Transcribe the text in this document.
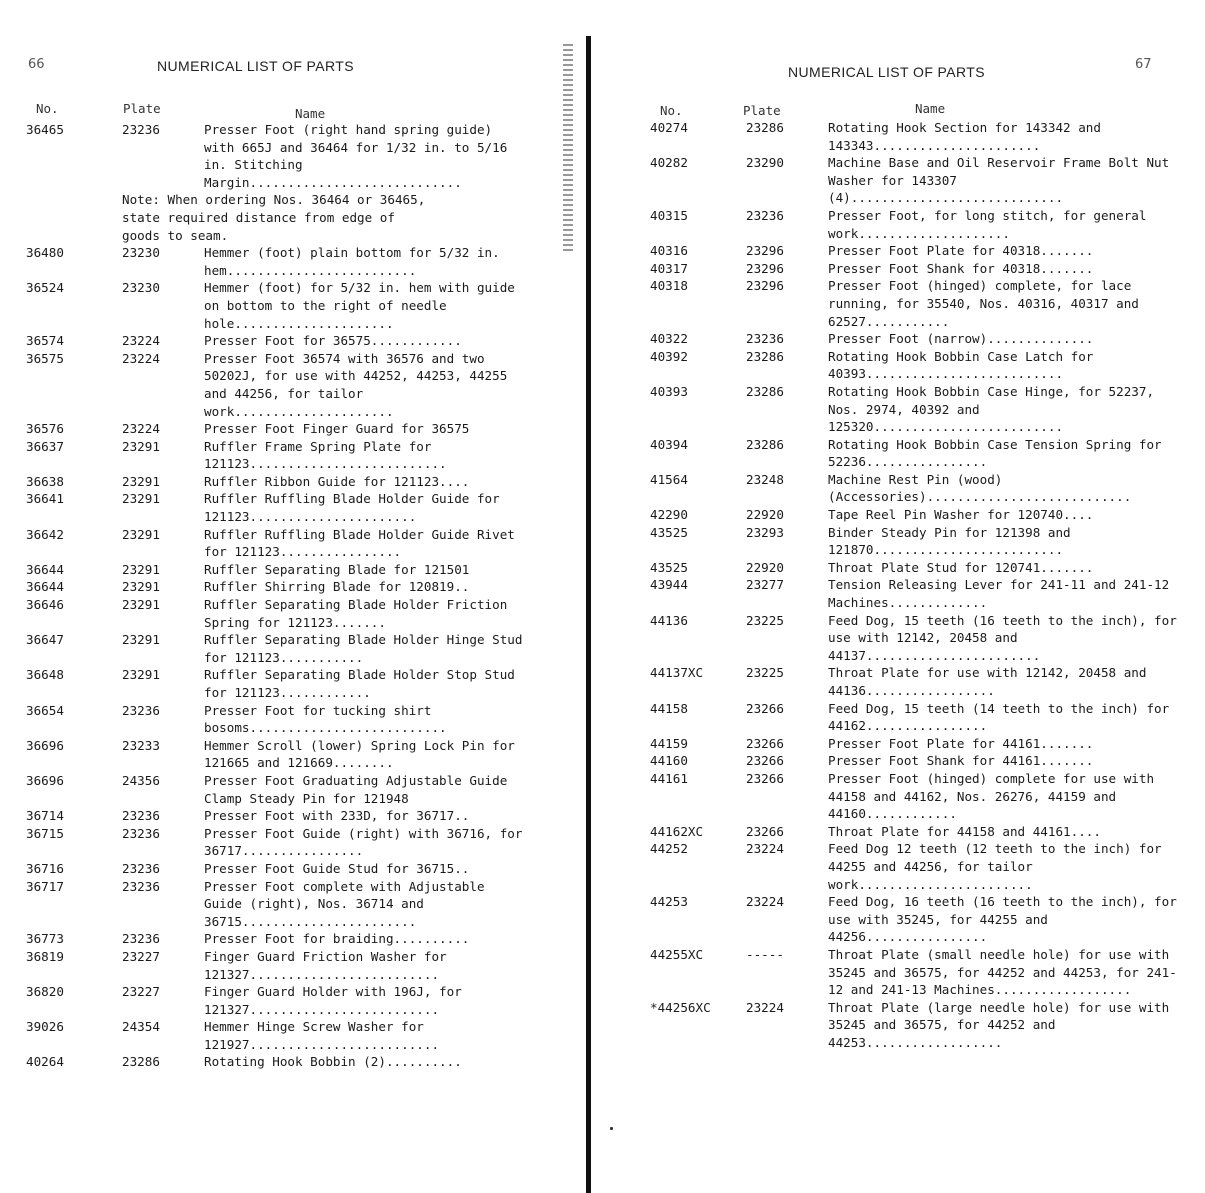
66	NUMERICAL LIST OF PARTS
No.	Plate	Name
36465	23236	Presser Foot (right hand spring guide) with 665J and 36464 for 1/32 in. to 5/16 in. Stitching Margin............................
Note: When ordering Nos. 36464 or 36465,
state required distance from edge of
goods to seam.
36480	23230	Hemmer (foot) plain bottom for 5/32 in. hem.........................
36524	23230	Hemmer (foot) for 5/32 in. hem with guide on bottom to the right of needle hole.....................
36574	23224	Presser Foot for 36575............
36575	23224	Presser Foot 36574 with 36576 and two 50202J, for use with 44252, 44253, 44255 and 44256, for tailor work.....................
36576	23224	Presser Foot Finger Guard for 36575
36637	23291	Ruffler Frame Spring Plate for 121123..........................
36638	23291	Ruffler Ribbon Guide for 121123....
36641	23291	Ruffler Ruffling Blade Holder Guide for 121123......................
36642	23291	Ruffler Ruffling Blade Holder Guide Rivet for 121123................
36644	23291	Ruffler Separating Blade for 121501
36644	23291	Ruffler Shirring Blade for 120819..
36646	23291	Ruffler Separating Blade Holder Friction Spring for 121123.......
36647	23291	Ruffler Separating Blade Holder Hinge Stud for 121123...........
36648	23291	Ruffler Separating Blade Holder Stop Stud for 121123............
36654	23236	Presser Foot for tucking shirt bosoms..........................
36696	23233	Hemmer Scroll (lower) Spring Lock Pin for 121665 and 121669........
36696	24356	Presser Foot Graduating Adjustable Guide Clamp Steady Pin for 121948
36714	23236	Presser Foot with 233D, for 36717..
36715	23236	Presser Foot Guide (right) with 36716, for 36717................
36716	23236	Presser Foot Guide Stud for 36715..
36717	23236	Presser Foot complete with Adjustable Guide (right), Nos. 36714 and 36715.......................
36773	23236	Presser Foot for braiding..........
36819	23227	Finger Guard Friction Washer for 121327.........................
36820	23227	Finger Guard Holder with 196J, for 121327.........................
39026	24354	Hemmer Hinge Screw Washer for 121927.........................
40264	23286	Rotating Hook Bobbin (2)..........
67
NUMERICAL LIST OF PARTS
No.	Plate	Name
40274	23286	Rotating Hook Section for 143342 and 143343......................
40282	23290	Machine Base and Oil Reservoir Frame Bolt Nut Washer for 143307 (4)............................
40315	23236	Presser Foot, for long stitch, for general work....................
40316	23296	Presser Foot Plate for 40318.......
40317	23296	Presser Foot Shank for 40318.......
40318	23296	Presser Foot (hinged) complete, for lace running, for 35540, Nos. 40316, 40317 and 62527...........
40322	23236	Presser Foot (narrow)..............
40392	23286	Rotating Hook Bobbin Case Latch for 40393..........................
40393	23286	Rotating Hook Bobbin Case Hinge, for 52237, Nos. 2974, 40392 and 125320.........................
40394	23286	Rotating Hook Bobbin Case Tension Spring for 52236................
41564	23248	Machine Rest Pin (wood) (Accessories)...........................
42290	22920	Tape Reel Pin Washer for 120740....
43525	23293	Binder Steady Pin for 121398 and 121870.........................
43525	22920	Throat Plate Stud for 120741.......
43944	23277	Tension Releasing Lever for 241-11 and 241-12 Machines.............
44136	23225	Feed Dog, 15 teeth (16 teeth to the inch), for use with 12142, 20458 and 44137.......................
44137XC	23225	Throat Plate for use with 12142, 20458 and 44136.................
44158	23266	Feed Dog, 15 teeth (14 teeth to the inch) for 44162................
44159	23266	Presser Foot Plate for 44161.......
44160	23266	Presser Foot Shank for 44161.......
44161	23266	Presser Foot (hinged) complete for use with 44158 and 44162, Nos. 26276, 44159 and 44160............
44162XC	23266	Throat Plate for 44158 and 44161....
44252	23224	Feed Dog 12 teeth (12 teeth to the inch) for 44255 and 44256, for tailor work.......................
44253	23224	Feed Dog, 16 teeth (16 teeth to the inch), for use with 35245, for 44255 and 44256................
44255XC	-----	Throat Plate (small needle hole) for use with 35245 and 36575, for 44252 and 44253, for 241-12 and 241-13 Machines..................
*44256XC	23224	Throat Plate (large needle hole) for use with 35245 and 36575, for 44252 and 44253..................
